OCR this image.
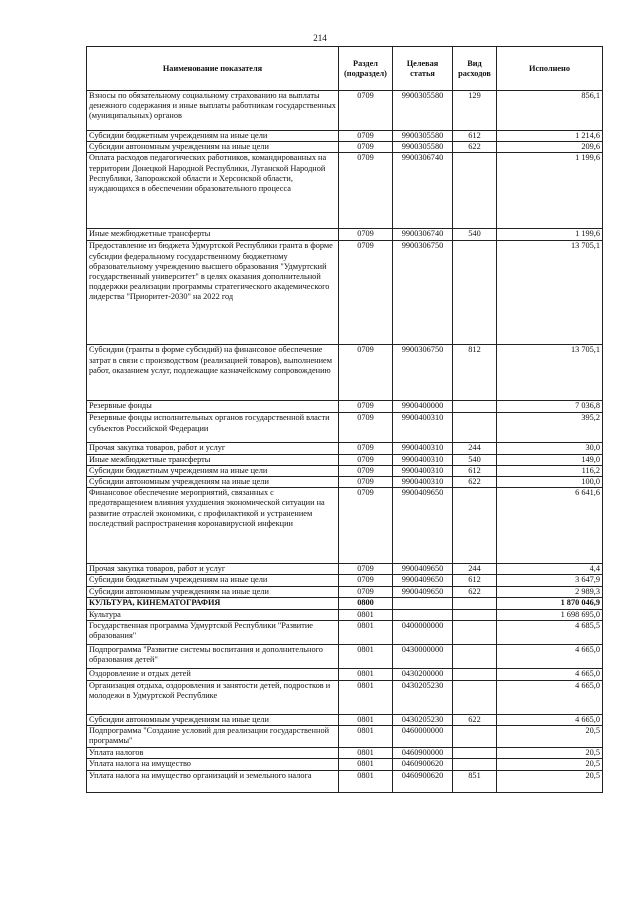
214
Наименование показателя	Раздел (подраздел)	Целевая статья	Вид расходов	Исполнено
Взносы по обязательному социальному страхованию на выплаты денежного содержания и иные выплаты работникам государственных (муниципальных) органов	0709	9900305580	129	856,1
Субсидии бюджетным учреждениям на иные цели	0709	9900305580	612	1 214,6
Субсидии автономным учреждениям на иные цели	0709	9900305580	622	209,6
Оплата расходов педагогических работников, командированных на территории Донецкой Народной Республики, Луганской Народной Республики, Запорожской области и Херсонской области, нуждающихся в обеспечении образовательного процесса	0709	9900306740		1 199,6
Иные межбюджетные трансферты	0709	9900306740	540	1 199,6
Предоставление из бюджета Удмуртской Республики гранта в форме субсидии федеральному государственному бюджетному образовательному учреждению высшего образования "Удмуртский государственный университет" в целях оказания дополнительной поддержки реализации программы стратегического академического лидерства "Приоритет-2030" на 2022 год	0709	9900306750		13 705,1
Субсидии (гранты в форме субсидий) на финансовое обеспечение затрат в связи с производством (реализацией товаров), выполнением работ, оказанием услуг, подлежащие казначейскому сопровождению	0709	9900306750	812	13 705,1
Резервные фонды	0709	9900400000		7 036,8
Резервные фонды исполнительных органов государственной власти субъектов Российской Федерации	0709	9900400310		395,2
Прочая закупка товаров, работ и услуг	0709	9900400310	244	30,0
Иные межбюджетные трансферты	0709	9900400310	540	149,0
Субсидии бюджетным учреждениям на иные цели	0709	9900400310	612	116,2
Субсидии автономным учреждениям на иные цели	0709	9900400310	622	100,0
Финансовое обеспечение мероприятий, связанных с предотвращением влияния ухудшения экономической ситуации на развитие отраслей экономики, с профилактикой и устранением последствий распространения коронавирусной инфекции	0709	9900409650		6 641,6
Прочая закупка товаров, работ и услуг	0709	9900409650	244	4,4
Субсидии бюджетным учреждениям на иные цели	0709	9900409650	612	3 647,9
Субсидии автономным учреждениям на иные цели	0709	9900409650	622	2 989,3
КУЛЬТУРА, КИНЕМАТОГРАФИЯ	0800			1 870 046,9
Культура	0801			1 698 695,0
Государственная программа Удмуртской Республики "Развитие образования"	0801	0400000000		4 685,5
Подпрограмма "Развитие системы воспитания и дополнительного образования детей"	0801	0430000000		4 665,0
Оздоровление и отдых детей	0801	0430200000		4 665,0
Организация отдыха, оздоровления и занятости детей, подростков и молодежи в Удмуртской Республике	0801	0430205230		4 665,0
Субсидии автономным учреждениям на иные цели	0801	0430205230	622	4 665,0
Подпрограмма "Создание условий для реализации государственной программы"	0801	0460000000		20,5
Уплата налогов	0801	0460900000		20,5
Уплата налога на имущество	0801	0460900620		20,5
Уплата налога на имущество организаций и земельного налога	0801	0460900620	851	20,5
